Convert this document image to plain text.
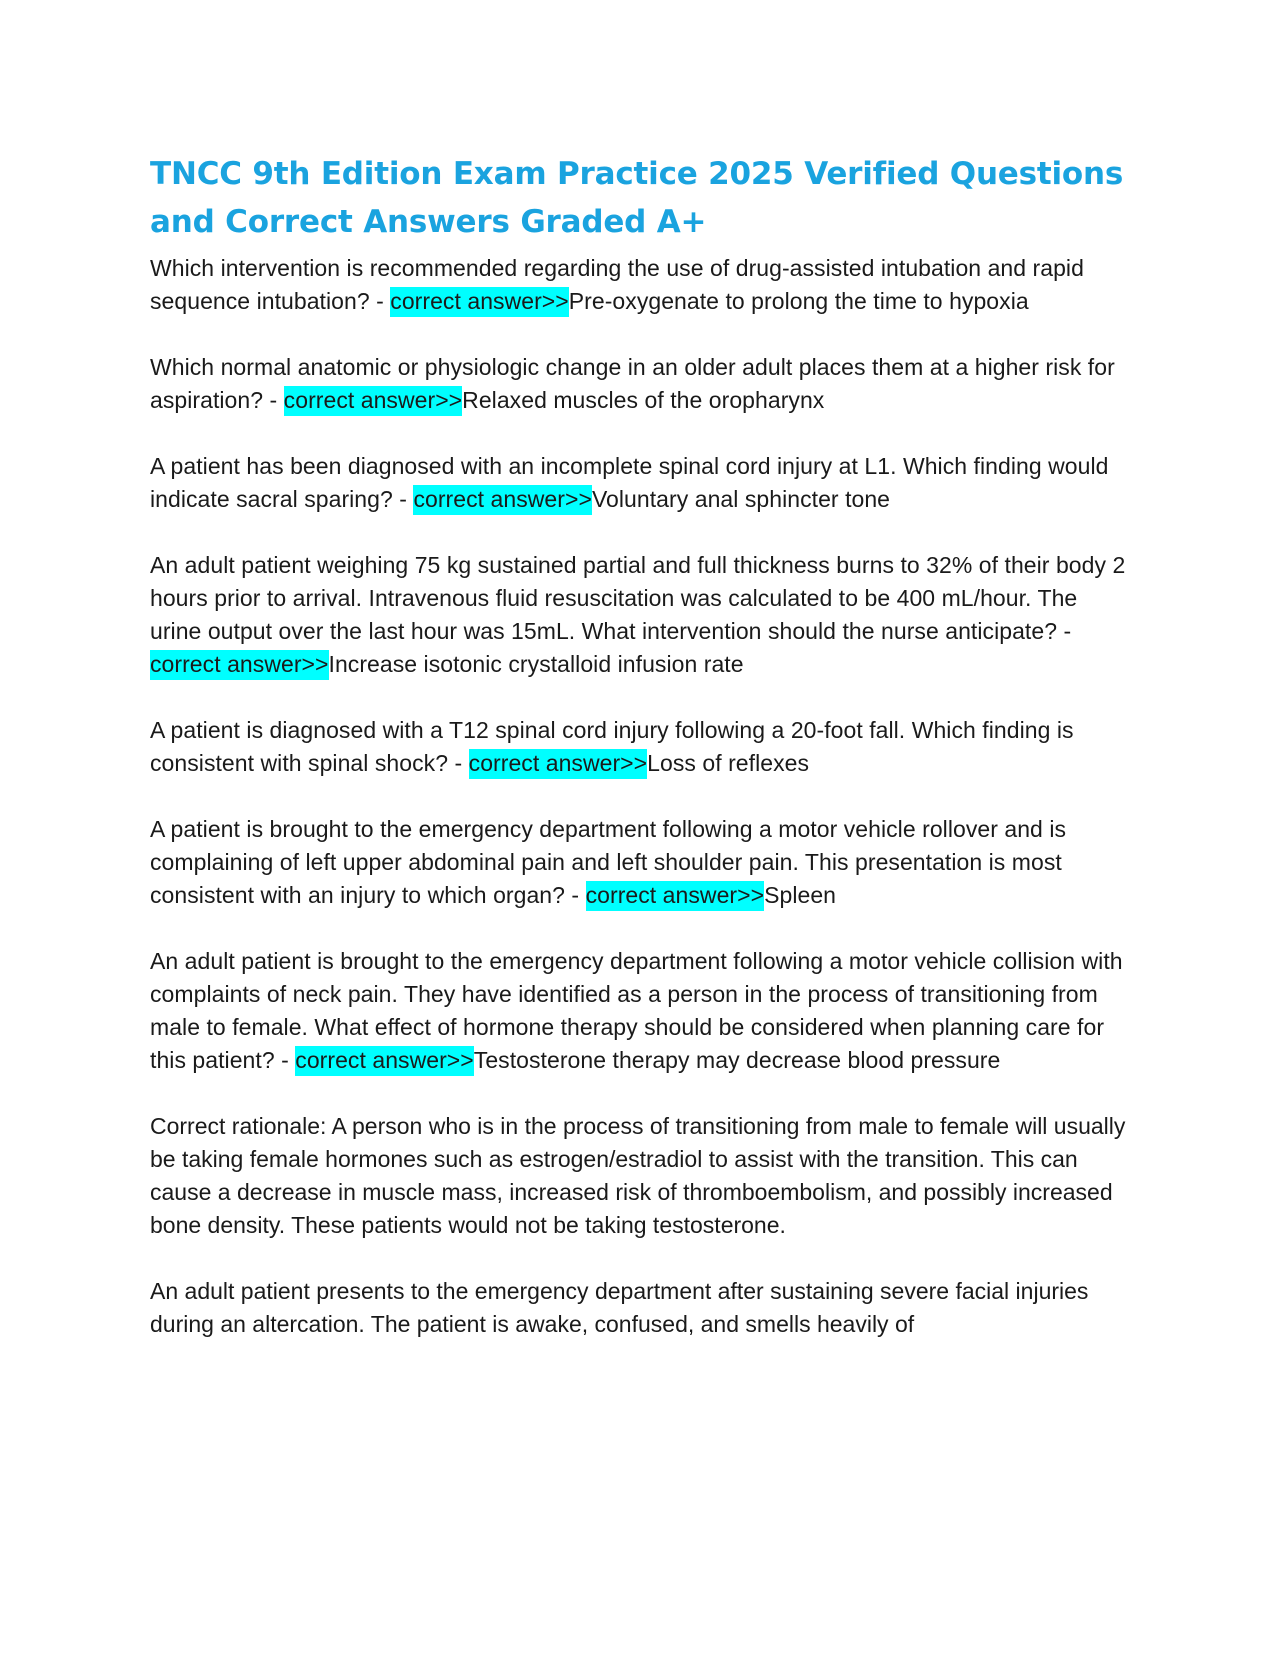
TNCC 9th Edition Exam Practice 2025 Verified Questions and Correct Answers Graded A+

Which intervention is recommended regarding the use of drug-assisted intubation and rapid sequence intubation? - correct answer>>Pre-oxygenate to prolong the time to hypoxia

Which normal anatomic or physiologic change in an older adult places them at a higher risk for aspiration? - correct answer>>Relaxed muscles of the oropharynx

A patient has been diagnosed with an incomplete spinal cord injury at L1. Which finding would indicate sacral sparing? - correct answer>>Voluntary anal sphincter tone

An adult patient weighing 75 kg sustained partial and full thickness burns to 32% of their body 2 hours prior to arrival. Intravenous fluid resuscitation was calculated to be 400 mL/hour. The urine output over the last hour was 15mL. What intervention should the nurse anticipate? - correct answer>>Increase isotonic crystalloid infusion rate

A patient is diagnosed with a T12 spinal cord injury following a 20-foot fall. Which finding is consistent with spinal shock? - correct answer>>Loss of reflexes

A patient is brought to the emergency department following a motor vehicle rollover and is complaining of left upper abdominal pain and left shoulder pain. This presentation is most consistent with an injury to which organ? - correct answer>>Spleen

An adult patient is brought to the emergency department following a motor vehicle collision with complaints of neck pain. They have identified as a person in the process of transitioning from male to female. What effect of hormone therapy should be considered when planning care for this patient? - correct answer>>Testosterone therapy may decrease blood pressure

Correct rationale: A person who is in the process of transitioning from male to female will usually be taking female hormones such as estrogen/estradiol to assist with the transition. This can cause a decrease in muscle mass, increased risk of thromboembolism, and possibly increased bone density. These patients would not be taking testosterone.

An adult patient presents to the emergency department after sustaining severe facial injuries during an altercation. The patient is awake, confused, and smells heavily of
